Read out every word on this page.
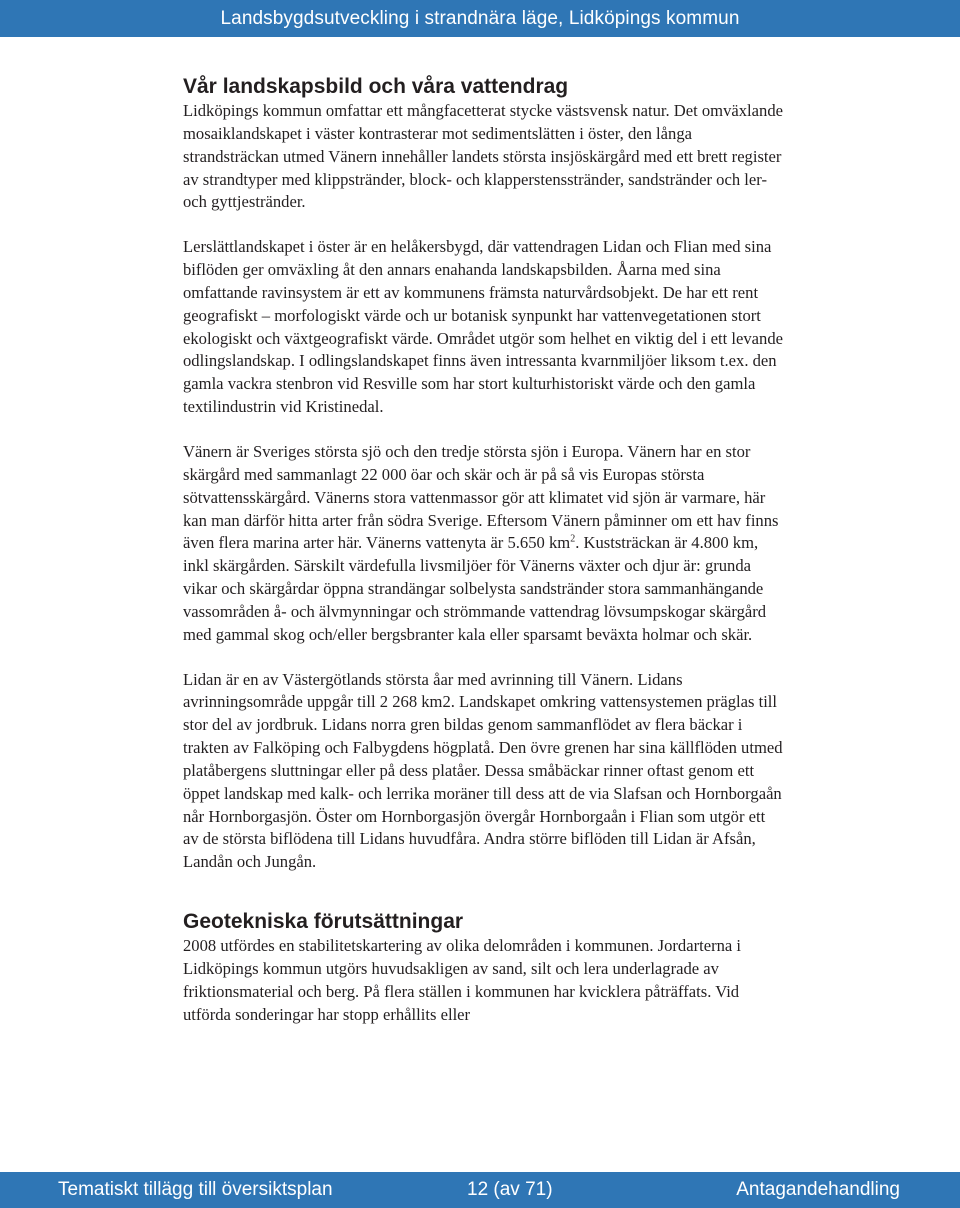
Landsbygdsutveckling i strandnära läge, Lidköpings kommun
Vår landskapsbild och våra vattendrag

Lidköpings kommun omfattar ett mångfacetterat stycke västsvensk natur. Det omväxlande mosaiklandskapet i väster kontrasterar mot sedimentslätten i öster, den långa strandsträckan utmed Vänern innehåller landets största insjöskärgård med ett brett register av strandtyper med klippstränder, block- och klapperstensstränder, sandstränder och ler- och gyttjestränder.

Lerslättlandskapet i öster är en helåkersbygd, där vattendragen Lidan och Flian med sina biflöden ger omväxling åt den annars enahanda landskapsbilden. Åarna med sina omfattande ravinsystem är ett av kommunens främsta naturvårdsobjekt. De har ett rent geografiskt – morfologiskt värde och ur botanisk synpunkt har vattenvegetationen stort ekologiskt och växtgeografiskt värde. Området utgör som helhet en viktig del i ett levande odlingslandskap. I odlingslandskapet finns även intressanta kvarnmiljöer liksom t.ex. den gamla vackra stenbron vid Resville som har stort kulturhistoriskt värde och den gamla textilindustrin vid Kristinedal.

Vänern är Sveriges största sjö och den tredje största sjön i Europa. Vänern har en stor skärgård med sammanlagt 22 000 öar och skär och är på så vis Europas största sötvattensskärgård. Vänerns stora vattenmassor gör att klimatet vid sjön är varmare, här kan man därför hitta arter från södra Sverige. Eftersom Vänern påminner om ett hav finns även flera marina arter här. Vänerns vattenyta är 5.650 $km^2$. Kuststräckan är 4.800 km, inkl skärgården. Särskilt värdefulla livsmiljöer för Vänerns växter och djur är: grunda vikar och skärgårdar öppna strandängar solbelysta sandstränder stora sammanhängande vassområden å- och älvmynningar och strömmande vattendrag lövsumpskogar skärgård med gammal skog och/eller bergsbranter kala eller sparsamt beväxta holmar och skär.

Lidan är en av Västergötlands största åar med avrinning till Vänern. Lidans avrinningsområde uppgår till 2 268 km2. Landskapet omkring vattensystemen präglas till stor del av jordbruk. Lidans norra gren bildas genom sammanflödet av flera bäckar i trakten av Falköping och Falbygdens högplatå. Den övre grenen har sina källflöden utmed platåbergens sluttningar eller på dess platåer. Dessa småbäckar rinner oftast genom ett öppet landskap med kalk- och lerrika moräner till dess att de via Slafsan och Hornborgaån når Hornborgasjön. Öster om Hornborgasjön övergår Hornborgaån i Flian som utgör ett av de största biflödena till Lidans huvudfåra. Andra större biflöden till Lidan är Afsån, Landån och Jungån.

Geotekniska förutsättningar

2008 utfördes en stabilitetskartering av olika delområden i kommunen. Jordarterna i Lidköpings kommun utgörs huvudsakligen av sand, silt och lera underlagrade av friktionsmaterial och berg. På flera ställen i kommunen har kvicklera påträffats. Vid utförda sonderingar har stopp erhållits eller

Tematiskt tillägg till översiktsplan	12 (av 71)	Antagandehandling
